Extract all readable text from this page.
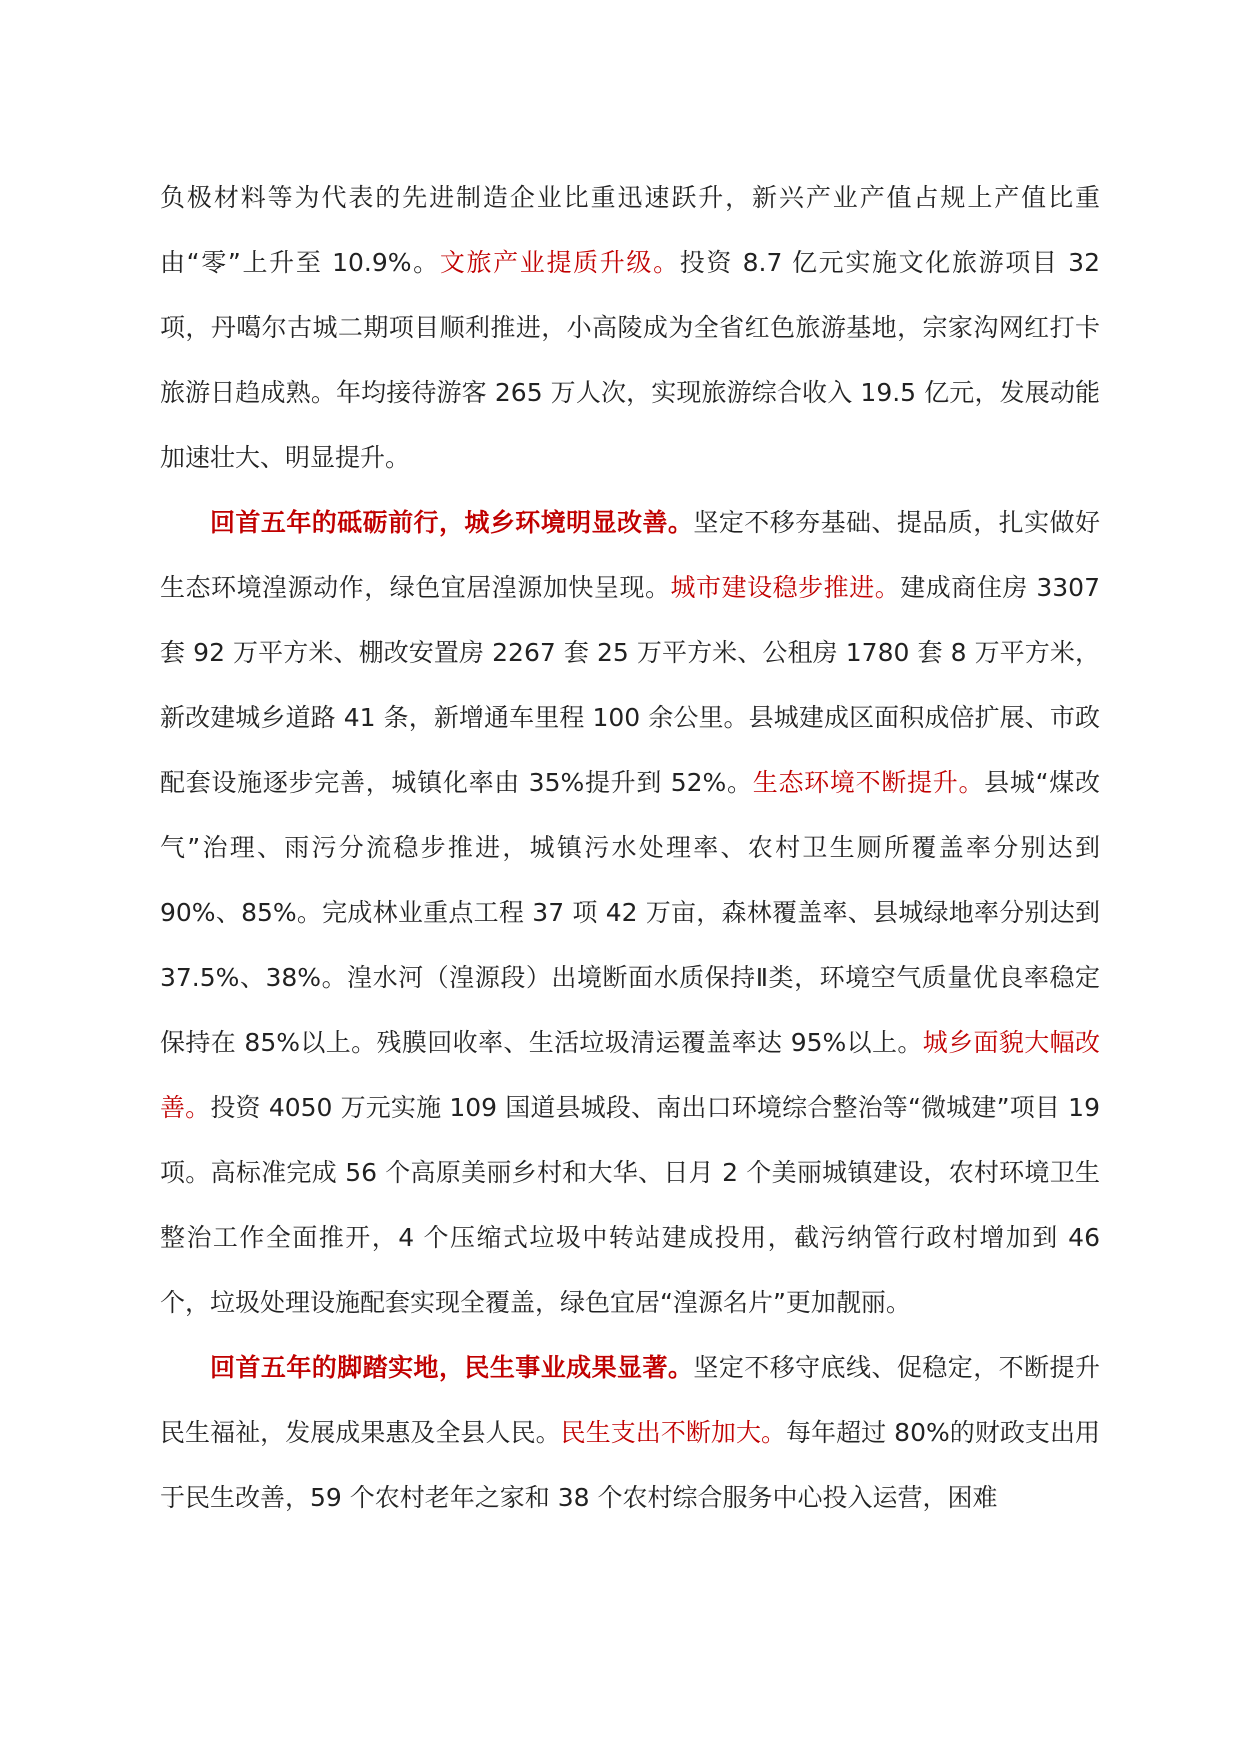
负极材料等为代表的先进制造企业比重迅速跃升，新兴产业产值占规上产值比重由“零”上升至 10.9%。文旅产业提质升级。投资 8.7 亿元实施文化旅游项目 32 项，丹噶尔古城二期项目顺利推进，小高陵成为全省红色旅游基地，宗家沟网红打卡旅游日趋成熟。年均接待游客 265 万人次，实现旅游综合收入 19.5 亿元，发展动能加速壮大、明显提升。

回首五年的砥砺前行，城乡环境明显改善。坚定不移夯基础、提品质，扎实做好生态环境湟源动作，绿色宜居湟源加快呈现。城市建设稳步推进。建成商住房 3307 套 92 万平方米、棚改安置房 2267 套 25 万平方米、公租房 1780 套 8 万平方米，新改建城乡道路 41 条，新增通车里程 100 余公里。县城建成区面积成倍扩展、市政配套设施逐步完善，城镇化率由 35%提升到 52%。生态环境不断提升。县城“煤改气”治理、雨污分流稳步推进，城镇污水处理率、农村卫生厕所覆盖率分别达到 90%、85%。完成林业重点工程 37 项 42 万亩，森林覆盖率、县城绿地率分别达到 37.5%、38%。湟水河（湟源段）出境断面水质保持Ⅱ类，环境空气质量优良率稳定保持在 85%以上。残膜回收率、生活垃圾清运覆盖率达 95%以上。城乡面貌大幅改善。投资 4050 万元实施 109 国道县城段、南出口环境综合整治等“微城建”项目 19 项。高标准完成 56 个高原美丽乡村和大华、日月 2 个美丽城镇建设，农村环境卫生整治工作全面推开，4 个压缩式垃圾中转站建成投用，截污纳管行政村增加到 46 个，垃圾处理设施配套实现全覆盖，绿色宜居“湟源名片”更加靓丽。

回首五年的脚踏实地，民生事业成果显著。坚定不移守底线、促稳定，不断提升民生福祉，发展成果惠及全县人民。民生支出不断加大。每年超过 80%的财政支出用于民生改善，59 个农村老年之家和 38 个农村综合服务中心投入运营，困难
